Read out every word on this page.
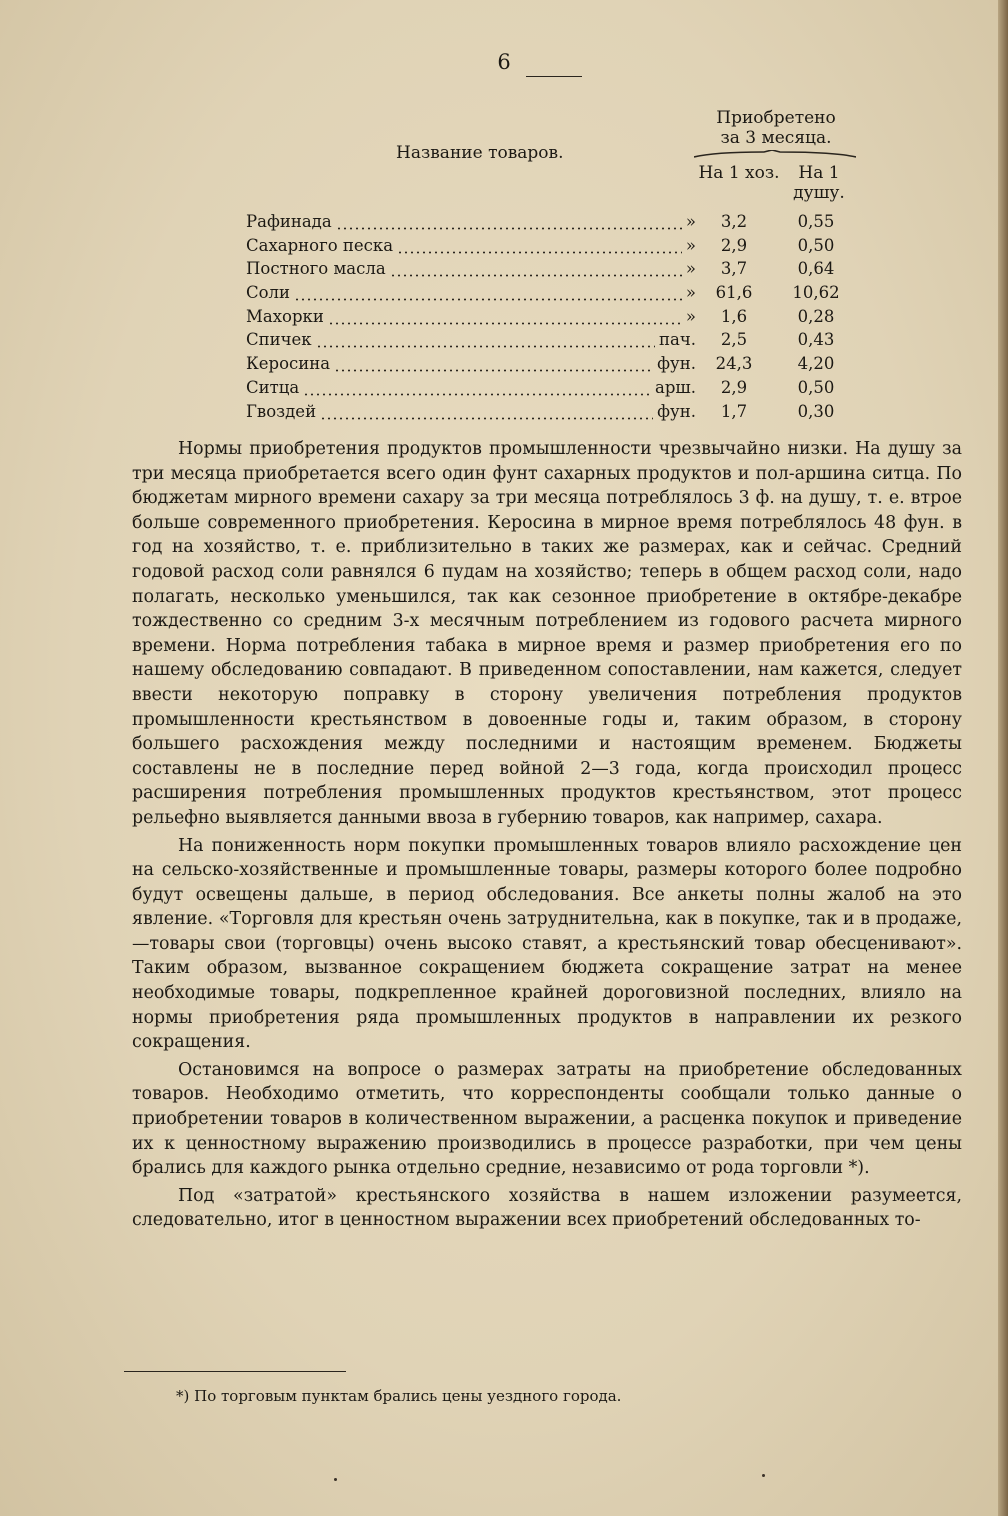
6
Название товаров.
Приобретено за 3 месяца.
На 1 хоз.	На 1 душу.
Рафинада	»	3,2	0,55
Сахарного песка	»	2,9	0,50
Постного масла	»	3,7	0,64
Соли	»	61,6	10,62
Махорки	»	1,6	0,28
Спичек	пач.	2,5	0,43
Керосина	фун.	24,3	4,20
Ситца	арш.	2,9	0,50
Гвоздей	фун.	1,7	0,30

Нормы приобретения продуктов промышленности чрезвычайно низки. На душу за три месяца приобретается всего один фунт сахарных продуктов и пол-аршина ситца. По бюджетам мирного времени сахару за три месяца потреблялось 3 ф. на душу, т. е. втрое больше современного приобретения. Керосина в мирное время потреблялось 48 фун. в год на хозяйство, т. е. приблизительно в таких же размерах, как и сейчас. Средний годовой расход соли равнялся 6 пудам на хозяйство; теперь в общем расход соли, надо полагать, несколько уменьшился, так как сезонное приобретение в октябре-декабре тождественно со средним 3-х месячным потреблением из годового расчета мирного времени. Норма потребления табака в мирное время и размер приобретения его по нашему обследованию совпадают. В приведенном сопоставлении, нам кажется, следует ввести некоторую поправку в сторону увеличения потребления продуктов промышленности крестьянством в довоенные годы и, таким образом, в сторону большего расхождения между последними и настоящим временем. Бюджеты составлены не в последние перед войной 2—3 года, когда происходил процесс расширения потребления промышленных продуктов крестьянством, этот процесс рельефно выявляется данными ввоза в губернию товаров, как например, сахара.

На пониженность норм покупки промышленных товаров влияло расхождение цен на сельско-хозяйственные и промышленные товары, размеры которого более подробно будут освещены дальше, в период обследования. Все анкеты полны жалоб на это явление. «Торговля для крестьян очень затруднительна, как в покупке, так и в продаже,—товары свои (торговцы) очень высоко ставят, а крестьянский товар обесценивают». Таким образом, вызванное сокращением бюджета сокращение затрат на менее необходимые товары, подкрепленное крайней дороговизной последних, влияло на нормы приобретения ряда промышленных продуктов в направлении их резкого сокращения.

Остановимся на вопросе о размерах затраты на приобретение обследованных товаров. Необходимо отметить, что корреспонденты сообщали только данные о приобретении товаров в количественном выражении, а расценка покупок и приведение их к ценностному выражению производились в процессе разработки, при чем цены брались для каждого рынка отдельно средние, независимо от рода торговли *).

Под «затратой» крестьянского хозяйства в нашем изложении разумеется, следовательно, итог в ценностном выражении всех приобретений обследованных то-

*) По торговым пунктам брались цены уездного города.
